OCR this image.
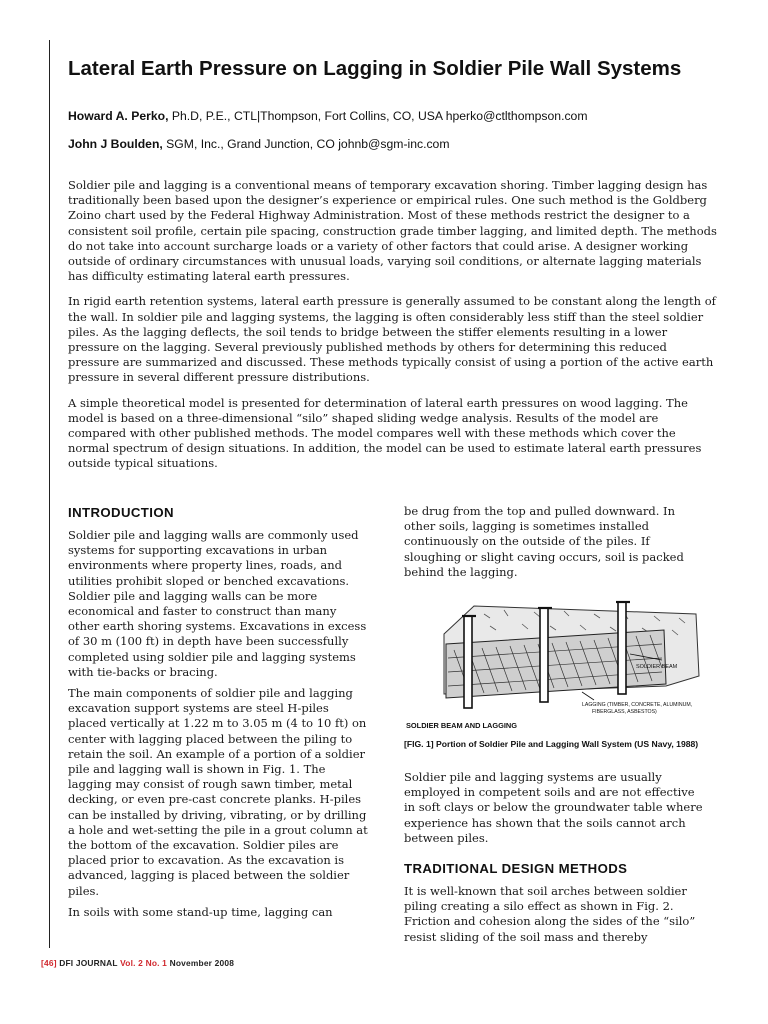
Lateral Earth Pressure on Lagging in Soldier Pile Wall Systems
Howard A. Perko, Ph.D, P.E., CTL|Thompson, Fort Collins, CO, USA hperko@ctlthompson.com
John J Boulden, SGM, Inc., Grand Junction, CO johnb@sgm-inc.com

Soldier pile and lagging is a conventional means of temporary excavation shoring. Timber lagging design has traditionally been based upon the designer’s experience or empirical rules. One such method is the Goldberg Zoino chart used by the Federal Highway Administration. Most of these methods restrict the designer to a consistent soil profile, certain pile spacing, construction grade timber lagging, and limited depth. The methods do not take into account surcharge loads or a variety of other factors that could arise. A designer working outside of ordinary circumstances with unusual loads, varying soil conditions, or alternate lagging materials has difficulty estimating lateral earth pressures.

In rigid earth retention systems, lateral earth pressure is generally assumed to be constant along the length of the wall. In soldier pile and lagging systems, the lagging is often considerably less stiff than the steel soldier piles. As the lagging deflects, the soil tends to bridge between the stiffer elements resulting in a lower pressure on the lagging. Several previously published methods by others for determining this reduced pressure are summarized and discussed. These methods typically consist of using a portion of the active earth pressure in several different pressure distributions.

A simple theoretical model is presented for determination of lateral earth pressures on wood lagging. The model is based on a three-dimensional “silo” shaped sliding wedge analysis. Results of the model are compared with other published methods. The model compares well with these methods which cover the normal spectrum of design situations. In addition, the model can be used to estimate lateral earth pressures outside typical situations.

INTRODUCTION

Soldier pile and lagging walls are commonly used systems for supporting excavations in urban environments where property lines, roads, and utilities prohibit sloped or benched excavations. Soldier pile and lagging walls can be more economical and faster to construct than many other earth shoring systems. Excavations in excess of 30 m (100 ft) in depth have been successfully completed using soldier pile and lagging systems with tie-backs or bracing.

The main components of soldier pile and lagging excavation support systems are steel H-piles placed vertically at 1.22 m to 3.05 m (4 to 10 ft) on center with lagging placed between the piling to retain the soil. An example of a portion of a soldier pile and lagging wall is shown in Fig. 1. The lagging may consist of rough sawn timber, metal decking, or even pre-cast concrete planks. H-piles can be installed by driving, vibrating, or by drilling a hole and wet-setting the pile in a grout column at the bottom of the excavation. Soldier piles are placed prior to excavation. As the excavation is advanced, lagging is placed between the soldier piles.

In soils with some stand-up time, lagging can

be drug from the top and pulled downward. In other soils, lagging is sometimes installed continuously on the outside of the piles. If sloughing or slight caving occurs, soil is packed behind the lagging.

SOLDIER BEAM
LAGGING (TIMBER, CONCRETE, ALUMINUM,
FIBERGLASS, ASBESTOS)
SOLDIER BEAM AND LAGGING
[FIG. 1] Portion of Soldier Pile and Lagging Wall System (US Navy, 1988)

Soldier pile and lagging systems are usually employed in competent soils and are not effective in soft clays or below the groundwater table where experience has shown that the soils cannot arch between piles.

TRADITIONAL DESIGN METHODS

It is well-known that soil arches between soldier piling creating a silo effect as shown in Fig. 2. Friction and cohesion along the sides of the “silo” resist sliding of the soil mass and thereby

[46] DFI JOURNAL Vol. 2 No. 1 November 2008
